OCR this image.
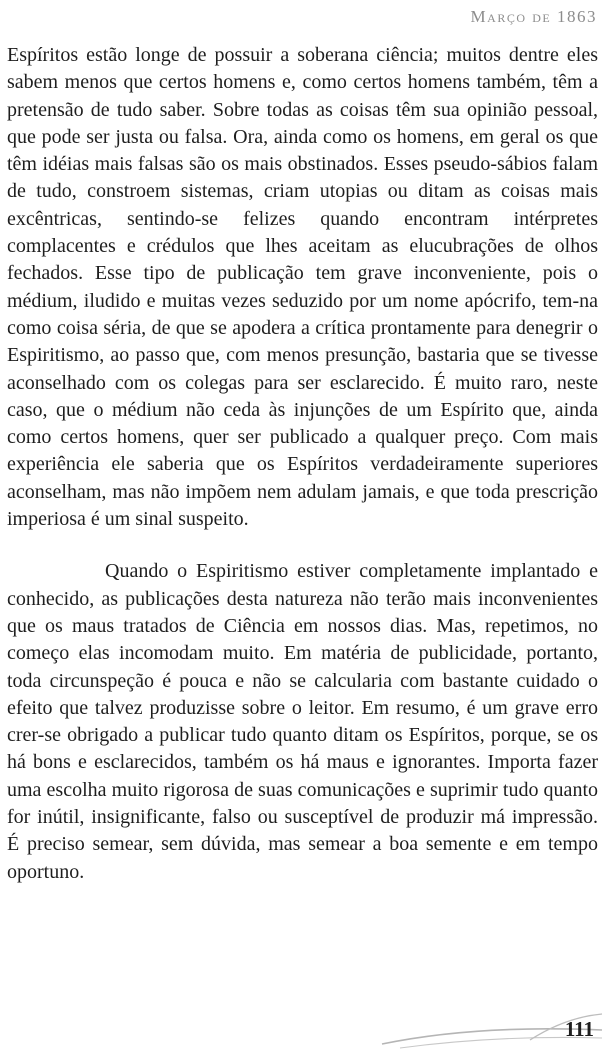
Março de 1863

Espíritos estão longe de possuir a soberana ciência; muitos dentre eles sabem menos que certos homens e, como certos homens também, têm a pretensão de tudo saber. Sobre todas as coisas têm sua opinião pessoal, que pode ser justa ou falsa. Ora, ainda como os homens, em geral os que têm idéias mais falsas são os mais obstinados. Esses pseudo-sábios falam de tudo, constroem sistemas, criam utopias ou ditam as coisas mais excêntricas, sentindo-se felizes quando encontram intérpretes complacentes e crédulos que lhes aceitam as elucubrações de olhos fechados. Esse tipo de publicação tem grave inconveniente, pois o médium, iludido e muitas vezes seduzido por um nome apócrifo, tem-na como coisa séria, de que se apodera a crítica prontamente para denegrir o Espiritismo, ao passo que, com menos presunção, bastaria que se tivesse aconselhado com os colegas para ser esclarecido. É muito raro, neste caso, que o médium não ceda às injunções de um Espírito que, ainda como certos homens, quer ser publicado a qualquer preço. Com mais experiência ele saberia que os Espíritos verdadeiramente superiores aconselham, mas não impõem nem adulam jamais, e que toda prescrição imperiosa é um sinal suspeito.

Quando o Espiritismo estiver completamente implantado e conhecido, as publicações desta natureza não terão mais inconvenientes que os maus tratados de Ciência em nossos dias. Mas, repetimos, no começo elas incomodam muito. Em matéria de publicidade, portanto, toda circunspeção é pouca e não se calcularia com bastante cuidado o efeito que talvez produzisse sobre o leitor. Em resumo, é um grave erro crer-se obrigado a publicar tudo quanto ditam os Espíritos, porque, se os há bons e esclarecidos, também os há maus e ignorantes. Importa fazer uma escolha muito rigorosa de suas comunicações e suprimir tudo quanto for inútil, insignificante, falso ou susceptível de produzir má impressão. É preciso semear, sem dúvida, mas semear a boa semente e em tempo oportuno.

111
